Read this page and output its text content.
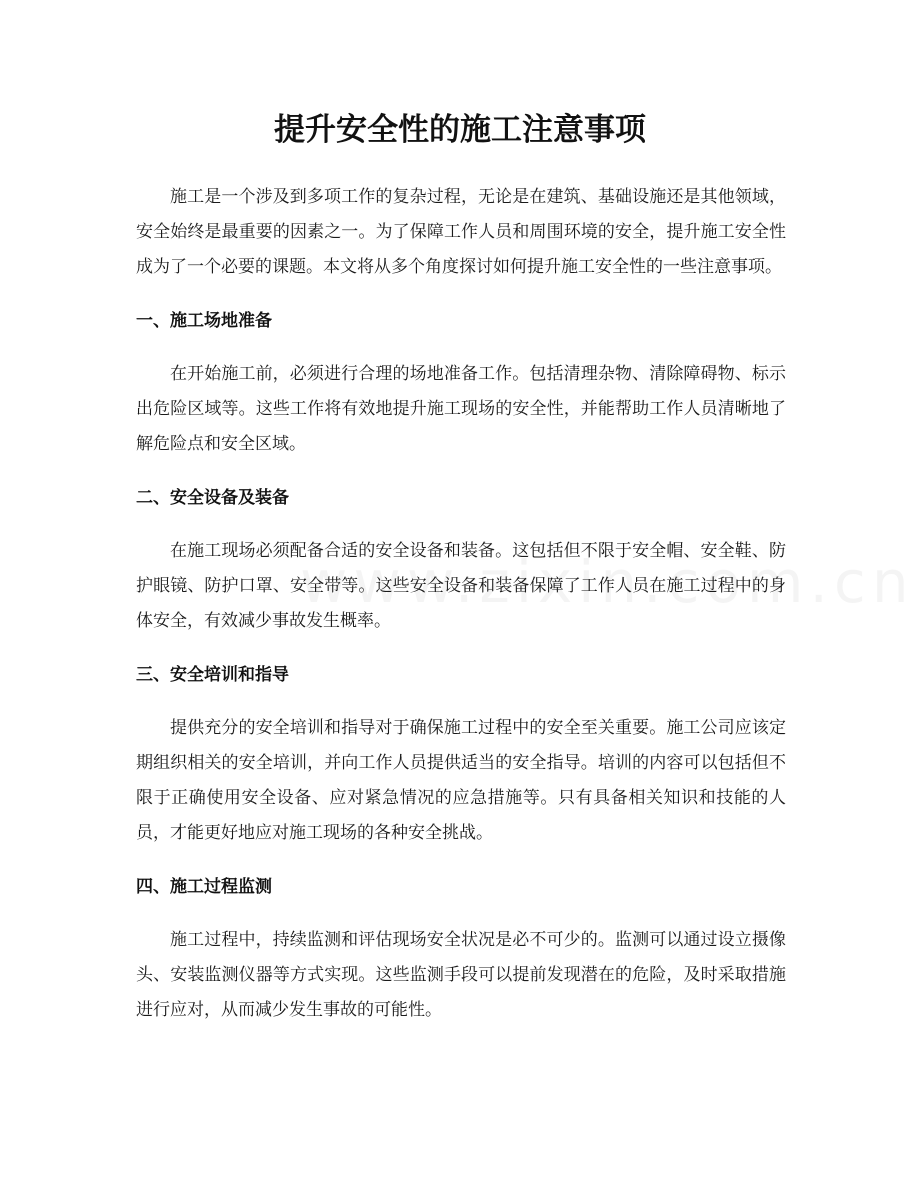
提升安全性的施工注意事项

施工是一个涉及到多项工作的复杂过程，无论是在建筑、基础设施还是其他领域，安全始终是最重要的因素之一。为了保障工作人员和周围环境的安全，提升施工安全性成为了一个必要的课题。本文将从多个角度探讨如何提升施工安全性的一些注意事项。

一、施工场地准备

在开始施工前，必须进行合理的场地准备工作。包括清理杂物、清除障碍物、标示出危险区域等。这些工作将有效地提升施工现场的安全性，并能帮助工作人员清晰地了解危险点和安全区域。

二、安全设备及装备

在施工现场必须配备合适的安全设备和装备。这包括但不限于安全帽、安全鞋、防护眼镜、防护口罩、安全带等。这些安全设备和装备保障了工作人员在施工过程中的身体安全，有效减少事故发生概率。

三、安全培训和指导

提供充分的安全培训和指导对于确保施工过程中的安全至关重要。施工公司应该定期组织相关的安全培训，并向工作人员提供适当的安全指导。培训的内容可以包括但不限于正确使用安全设备、应对紧急情况的应急措施等。只有具备相关知识和技能的人员，才能更好地应对施工现场的各种安全挑战。

四、施工过程监测

施工过程中，持续监测和评估现场安全状况是必不可少的。监测可以通过设立摄像头、安装监测仪器等方式实现。这些监测手段可以提前发现潜在的危险，及时采取措施进行应对，从而减少发生事故的可能性。
